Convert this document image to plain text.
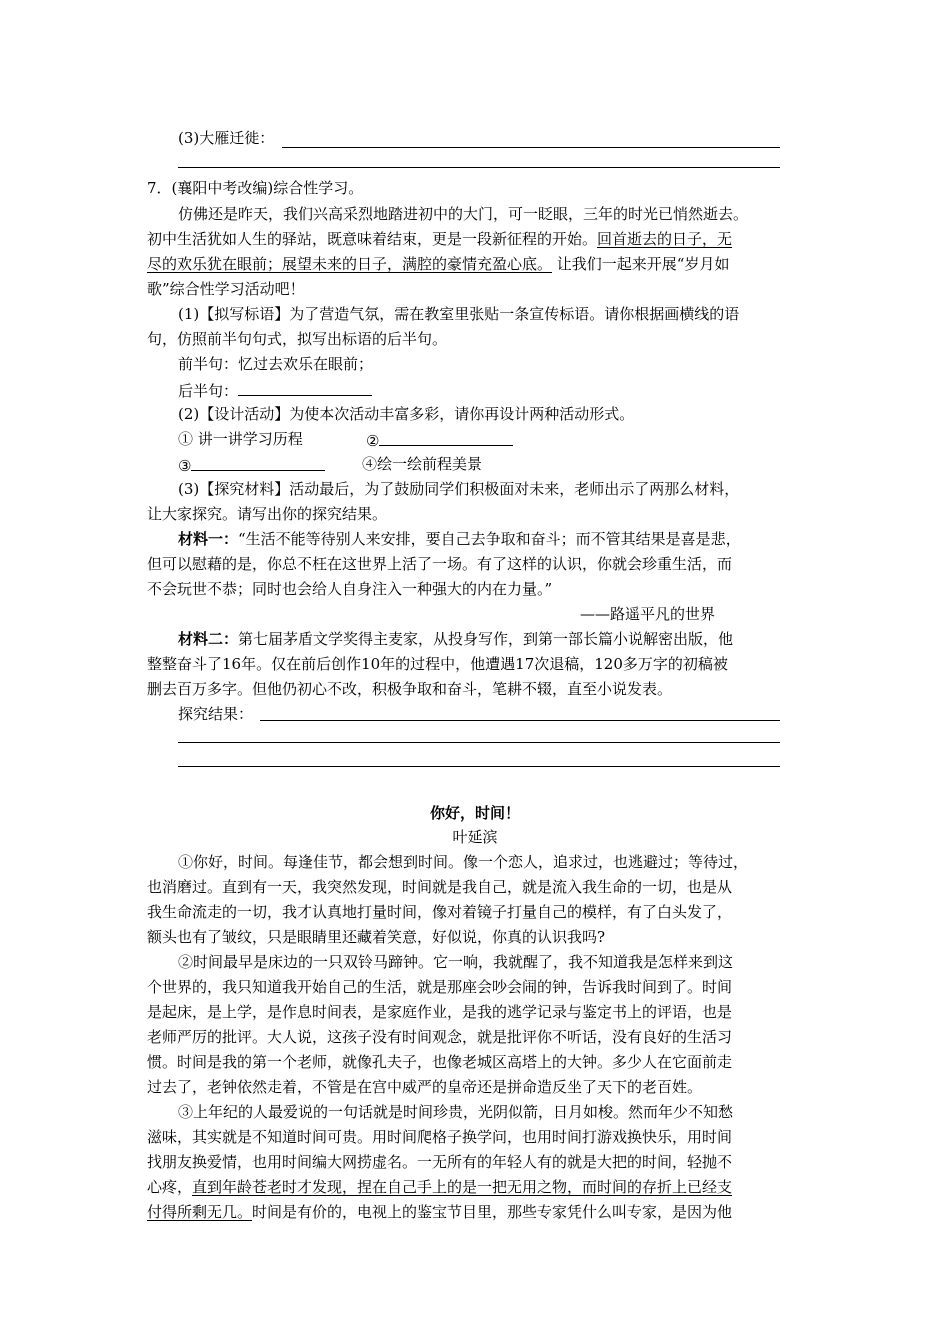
(3)大雁迁徙：
7．(襄阳中考改编)综合性学习。
仿佛还是昨天，我们兴高采烈地踏进初中的大门，可一眨眼，三年的时光已悄然逝去。
初中生活犹如人生的驿站，既意味着结束，更是一段新征程的开始。回首逝去的日子，无
尽的欢乐犹在眼前；展望未来的日子，满腔的豪情充盈心底。 让我们一起来开展“岁月如
歌”综合性学习活动吧！
(1)【拟写标语】为了营造气氛，需在教室里张贴一条宣传标语。请你根据画横线的语
句，仿照前半句句式，拟写出标语的后半句。
前半句：忆过去欢乐在眼前；
后半句：
(2)【设计活动】为使本次活动丰富多彩，请你再设计两种活动形式。
① 讲一讲学习历程	②
③	④绘一绘前程美景
(3)【探究材料】活动最后，为了鼓励同学们积极面对未来，老师出示了两那么材料，
让大家探究。请写出你的探究结果。
材料一：“生活不能等待别人来安排，要自己去争取和奋斗；而不管其结果是喜是悲，
但可以慰藉的是，你总不枉在这世界上活了一场。有了这样的认识，你就会珍重生活，而
不会玩世不恭；同时也会给人自身注入一种强大的内在力量。”
——路遥平凡的世界
材料二：第七届茅盾文学奖得主麦家，从投身写作，到第一部长篇小说解密出版，他
整整奋斗了16年。仅在前后创作10年的过程中，他遭遇17次退稿，120多万字的初稿被
删去百万多字。但他仍初心不改，积极争取和奋斗，笔耕不辍，直至小说发表。
探究结果：
你好，时间！
叶延滨
①你好，时间。每逢佳节，都会想到时间。像一个恋人，追求过，也逃避过；等待过，
也消磨过。直到有一天，我突然发现，时间就是我自己，就是流入我生命的一切，也是从
我生命流走的一切，我才认真地打量时间，像对着镜子打量自己的模样，有了白头发了，
额头也有了皱纹，只是眼睛里还藏着笑意，好似说，你真的认识我吗?
②时间最早是床边的一只双铃马蹄钟。它一响，我就醒了，我不知道我是怎样来到这
个世界的，我只知道我开始自己的生活，就是那座会吵会闹的钟，告诉我时间到了。时间
是起床，是上学，是作息时间表，是家庭作业，是我的逃学记录与鉴定书上的评语，也是
老师严厉的批评。大人说，这孩子没有时间观念，就是批评你不听话，没有良好的生活习
惯。时间是我的第一个老师，就像孔夫子，也像老城区高塔上的大钟。多少人在它面前走
过去了，老钟依然走着，不管是在宫中威严的皇帝还是拼命造反坐了天下的老百姓。
③上年纪的人最爱说的一句话就是时间珍贵，光阴似箭，日月如梭。然而年少不知愁
滋味，其实就是不知道时间可贵。用时间爬格子换学问，也用时间打游戏换快乐，用时间
找朋友换爱情，也用时间编大网捞虚名。一无所有的年轻人有的就是大把的时间，轻抛不
心疼，直到年龄苍老时才发现，捏在自己手上的是一把无用之物，而时间的存折上已经支
付得所剩无几。时间是有价的，电视上的鉴宝节目里，那些专家凭什么叫专家，是因为他
